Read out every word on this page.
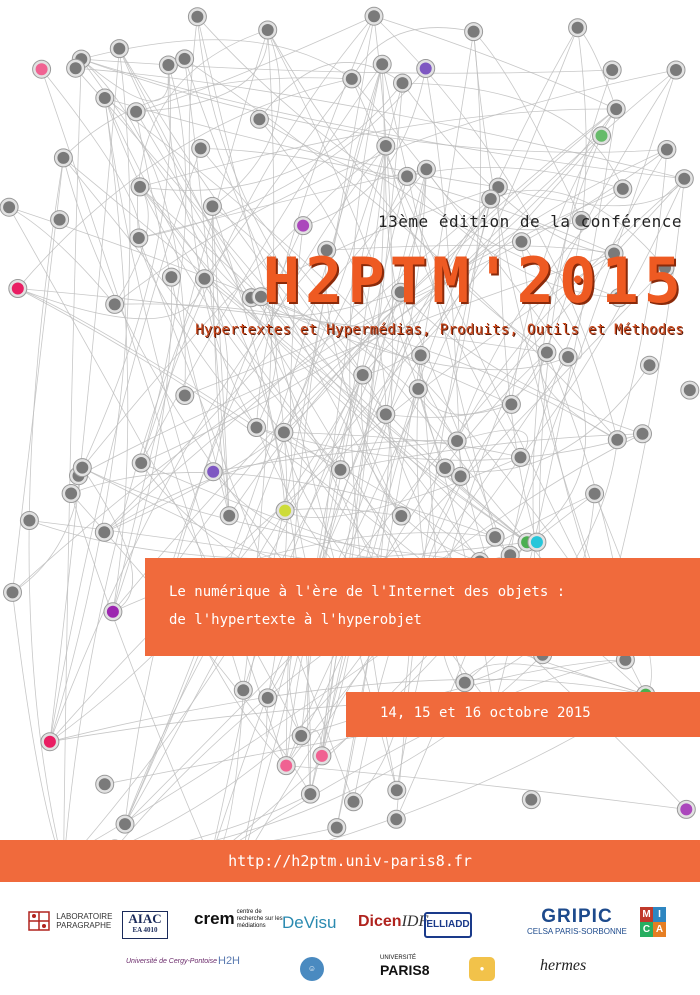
13ème édition de la conférence
H2PTM'2015
Hypertextes et Hypermédias, Produits, Outils et Méthodes
Le numérique à l'ère de l'Internet des objets :
de l'hypertexte à l'hyperobjet
14, 15 et 16 octobre 2015
http://h2ptm.univ-paris8.fr
LABORATOIRE
PARAGRAPHE	AIAC
EA 4010
crem centre de recherche sur les médiations DeVisu DicenIDF
ELLIADD	GRIPIC
CELSA PARIS-SORBONNE
M I
C A
Université de Cergy-Pontoise H2H
☺
UNIVERSITÉ
PARIS8	●	hermes
